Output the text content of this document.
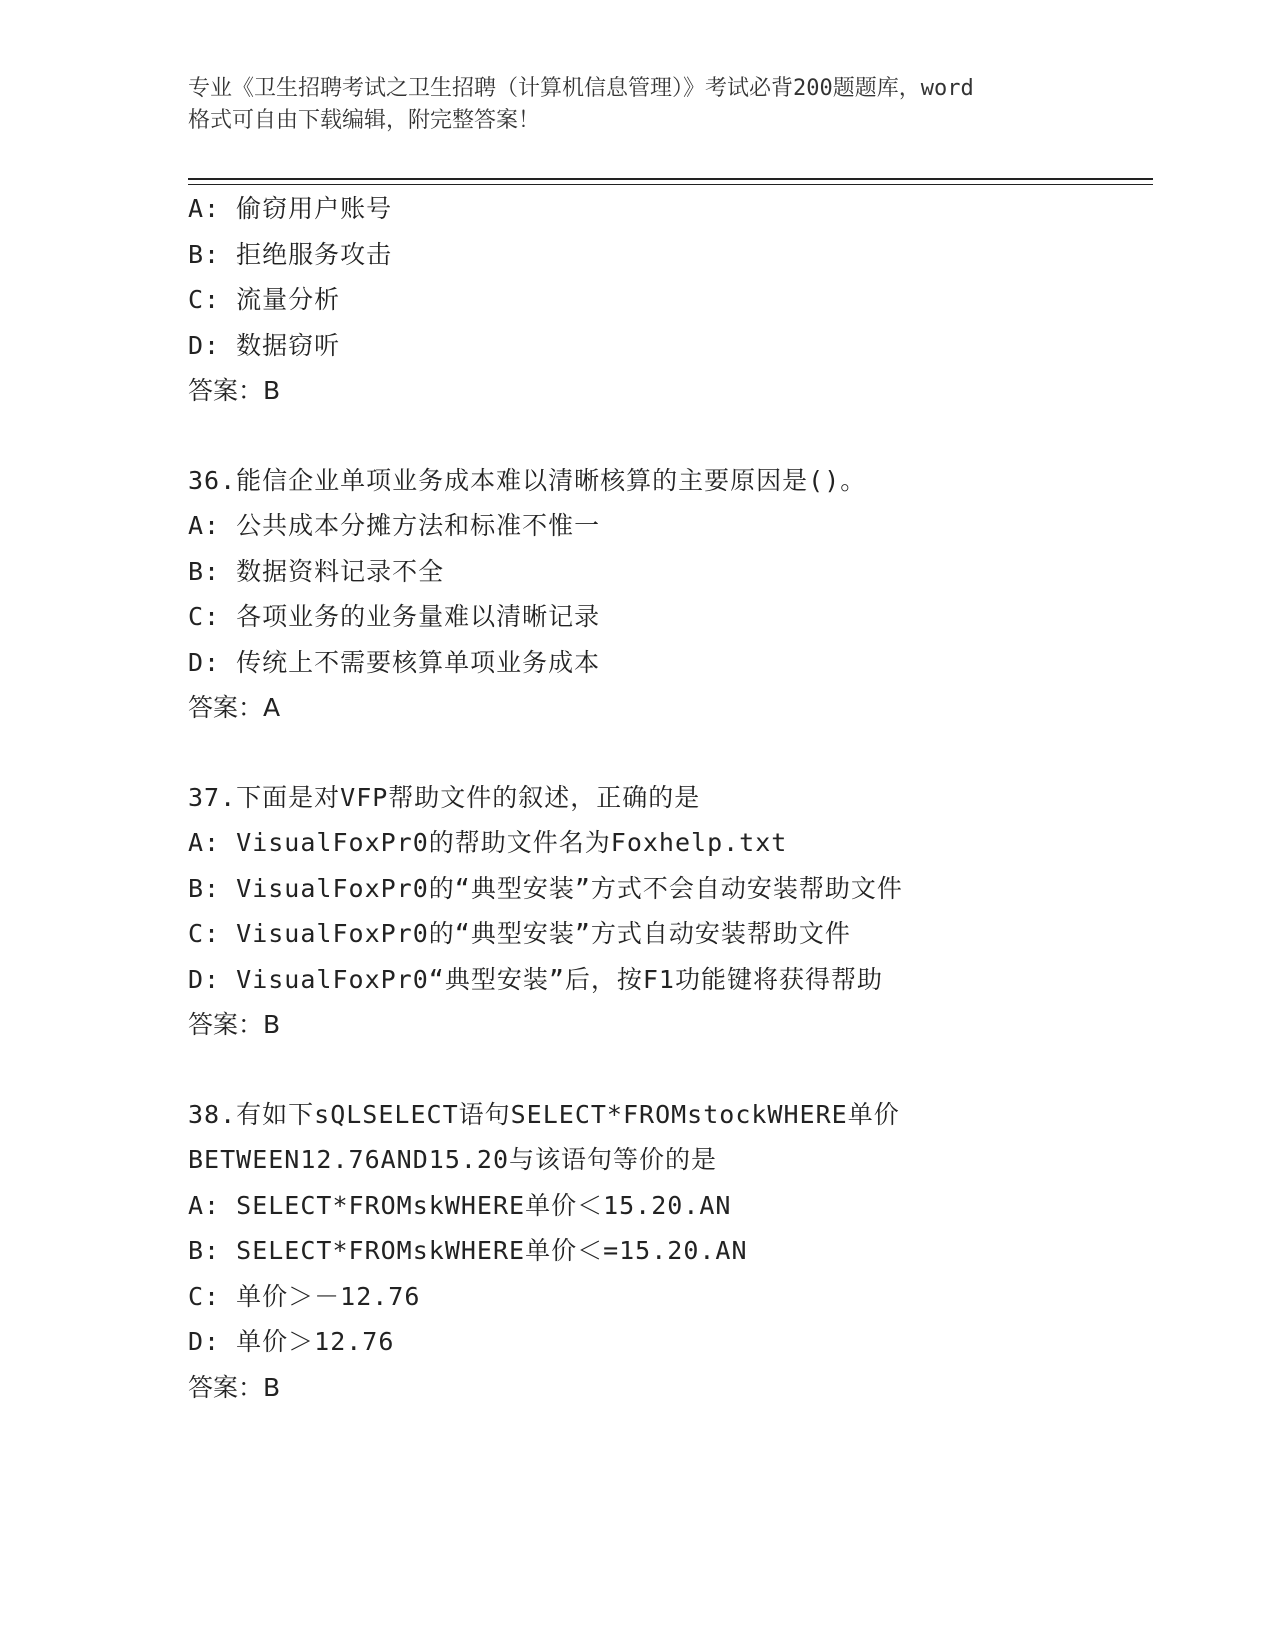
专业《卫生招聘考试之卫生招聘（计算机信息管理）》考试必背200题题库，word
格式可自由下载编辑，附完整答案！
A: 偷窃用户账号
B: 拒绝服务攻击
C: 流量分析
D: 数据窃听
答案：B
36.能信企业单项业务成本难以清晰核算的主要原因是()。
A: 公共成本分摊方法和标准不惟一
B: 数据资料记录不全
C: 各项业务的业务量难以清晰记录
D: 传统上不需要核算单项业务成本
答案：A
37.下面是对VFP帮助文件的叙述，正确的是
A: VisualFoxPr0的帮助文件名为Foxhelp.txt
B: VisualFoxPr0的“典型安装”方式不会自动安装帮助文件
C: VisualFoxPr0的“典型安装”方式自动安装帮助文件
D: VisualFoxPr0“典型安装”后，按F1功能键将获得帮助
答案：B
38.有如下sQLSELECT语句SELECT*FROMstockWHERE单价
BETWEEN12.76AND15.20与该语句等价的是
A: SELECT*FROMskWHERE单价＜15.20.AN
B: SELECT*FROMskWHERE单价＜=15.20.AN
C: 单价＞－12.76
D: 单价＞12.76
答案：B
